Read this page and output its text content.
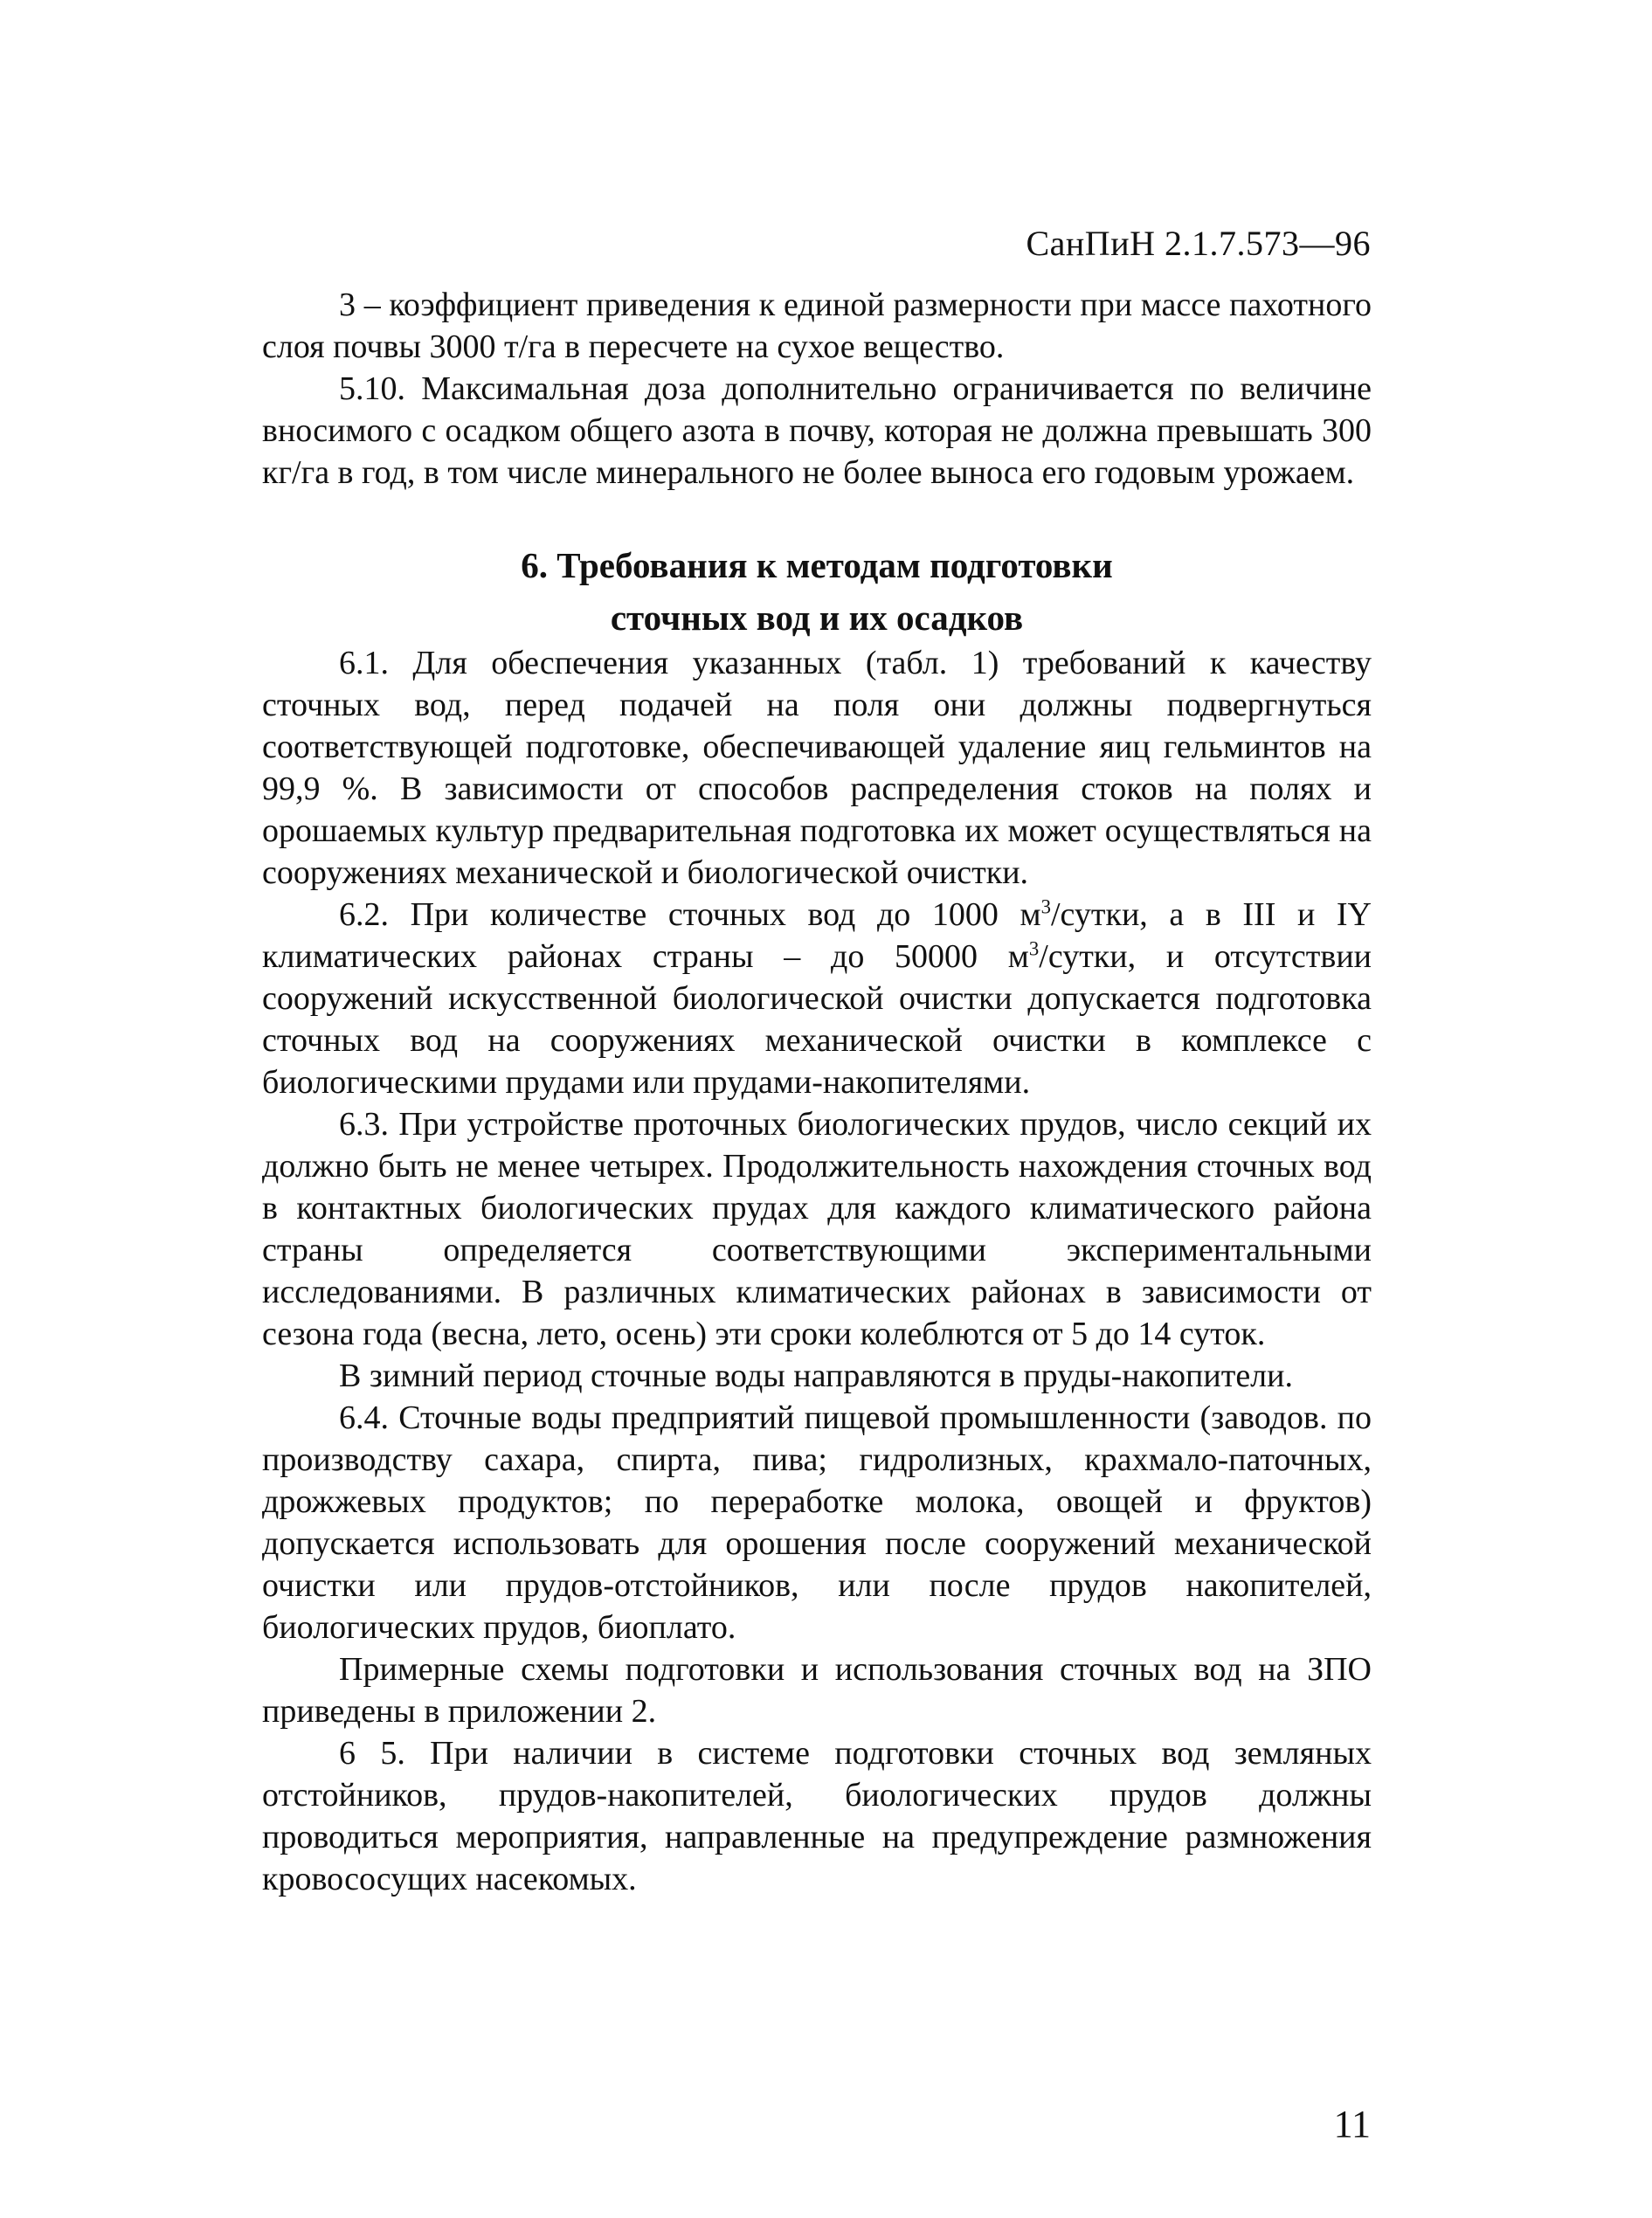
СанПиН 2.1.7.573—96

3 – коэффициент приведения к единой размерности при массе пахотного слоя почвы 3000 т/га в пересчете на сухое вещество.

5.10. Максимальная доза дополнительно ограничивается по величине вносимого с осадком общего азота в почву, которая не должна превышать 300 кг/га в год, в том числе минерального не более выноса его годовым урожаем.

6. Требования к методам подготовки
сточных вод и их осадков

6.1. Для обеспечения указанных (табл. 1) требований к качеству сточных вод, перед подачей на поля они должны подвергнуться соответствующей подготовке, обеспечивающей удаление яиц гельминтов на 99,9 %. В зависимости от способов распределения стоков на полях и орошаемых культур предварительная подготовка их может осуществляться на сооружениях механической и биологической очистки.

6.2. При количестве сточных вод до 1000 $м^3$/сутки, а в III и IY климатических районах страны – до 50000 $м^3$/сутки, и отсутствии сооружений искусственной биологической очистки допускается подготовка сточных вод на сооружениях механической очистки в комплексе с биологическими прудами или прудами-накопителями.

6.3. При устройстве проточных биологических прудов, число секций их должно быть не менее четырех. Продолжительность нахождения сточных вод в контактных биологических прудах для каждого климатического района страны определяется соответствующими экспериментальными исследованиями. В различных климатических районах в зависимости от сезона года (весна, лето, осень) эти сроки колеблются от 5 до 14 суток.

В зимний период сточные воды направляются в пруды-накопители.

6.4. Сточные воды предприятий пищевой промышленности (заводов. по производству сахара, спирта, пива; гидролизных, крахмало-паточных, дрожжевых продуктов; по переработке молока, овощей и фруктов) допускается использовать для орошения после сооружений механической очистки или прудов-отстойников, или после прудов накопителей, биологических прудов, биоплато.

Примерные схемы подготовки и использования сточных вод на ЗПО приведены в приложении 2.

6 5. При наличии в системе подготовки сточных вод земляных отстойников, прудов-накопителей, биологических прудов должны проводиться мероприятия, направленные на предупреждение размножения кровососущих насекомых.

11
